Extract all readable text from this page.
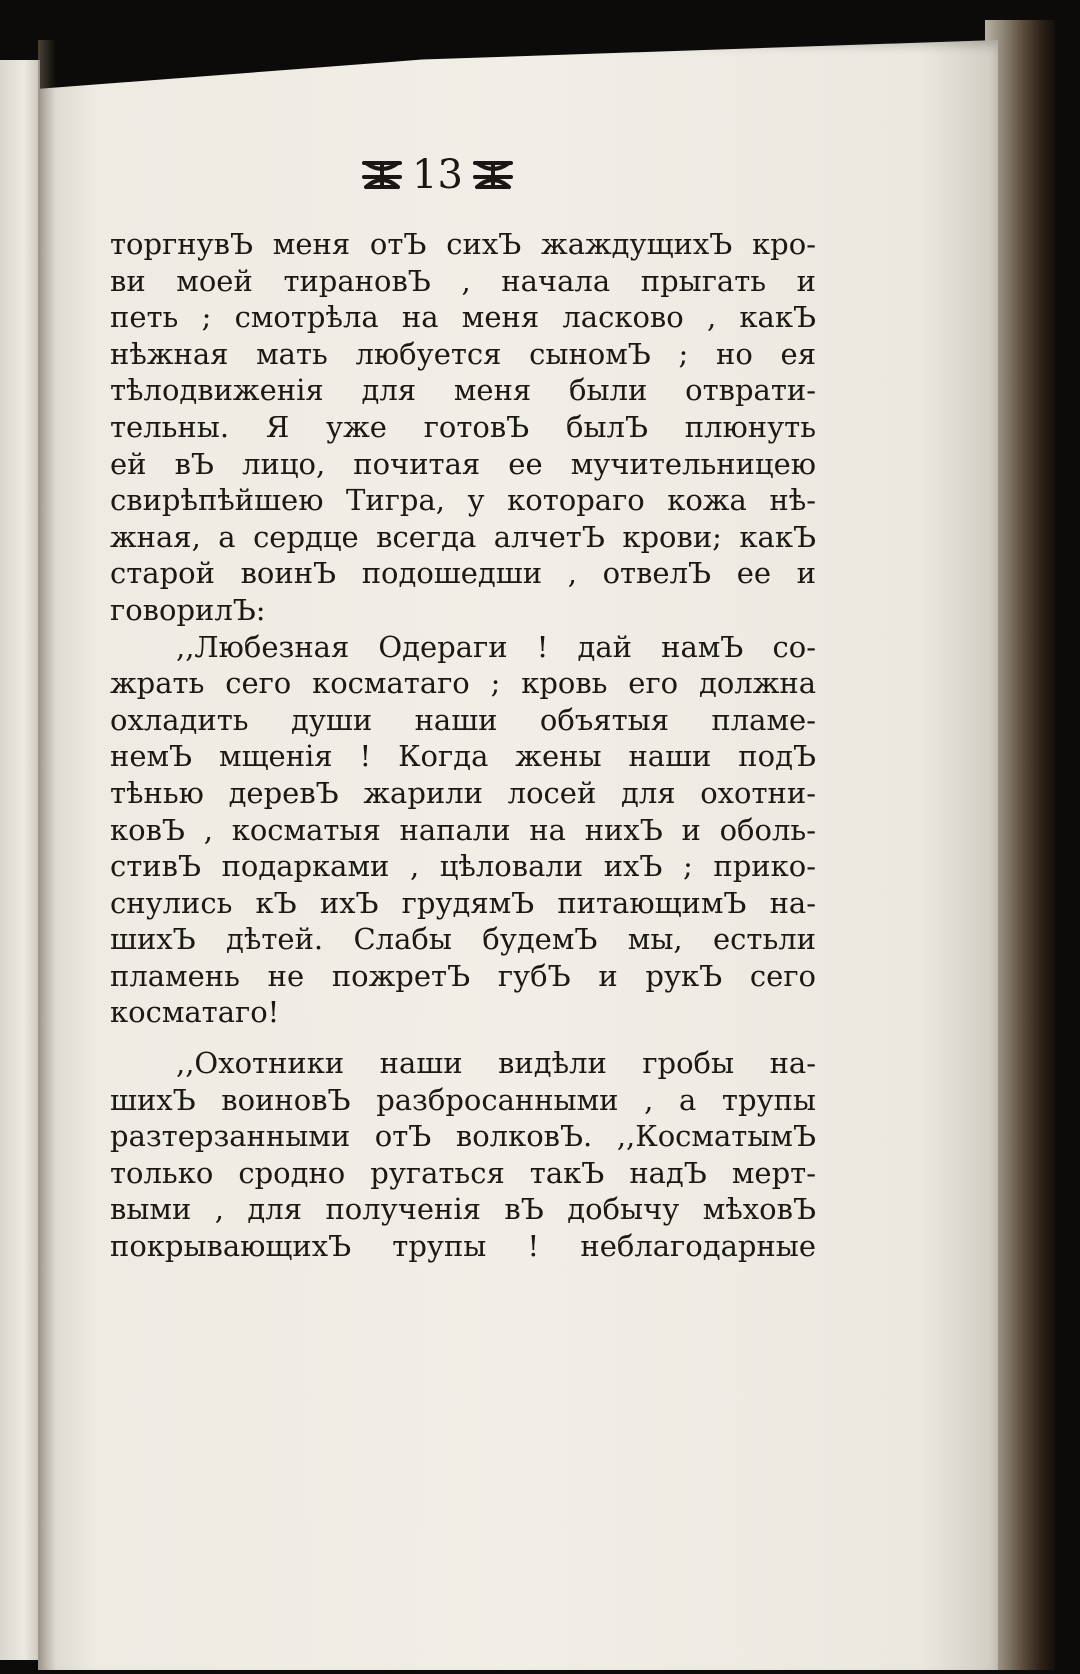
13
торгнувЪ меня отЪ сихЪ жаждущихЪ кро-
ви моей тирановЪ , начала прыгать и
петь ; смотрѣла на меня ласково , какЪ
нѣжная мать любуется сыномЪ ; но ея
тѣлодвиженія для меня были отврати-
тельны. Я уже готовЪ былЪ плюнуть
ей вЪ лицо, почитая ее мучительницею
свирѣпѣйшею Тигра, у котораго кожа нѣ-
жная, а сердце всегда алчетЪ крови; какЪ
старой воинЪ подошедши , отвелЪ ее и
говорилЪ:
,,Любезная Одераги ! дай намЪ со-
жрать сего косматаго ; кровь его должна
охладить души наши объятыя пламе-
немЪ мщенія ! Когда жены наши подЪ
тѣнью деревЪ жарили лосей для охотни-
ковЪ , косматыя напали на нихЪ и оболь-
стивЪ подарками , цѣловали ихЪ ; прико-
снулись кЪ ихЪ грудямЪ питающимЪ на-
шихЪ дѣтей. Слабы будемЪ мы, естьли
пламень не пожретЪ губЪ и рукЪ сего
косматаго!
,,Охотники наши видѣли гробы на-
шихЪ воиновЪ разбросанными , а трупы
разтерзанными отЪ волковЪ. ,,КосматымЪ
только сродно ругаться такЪ надЪ мерт-
выми , для полученія вЪ добычу мѣховЪ
покрывающихЪ трупы ! неблагодарные
